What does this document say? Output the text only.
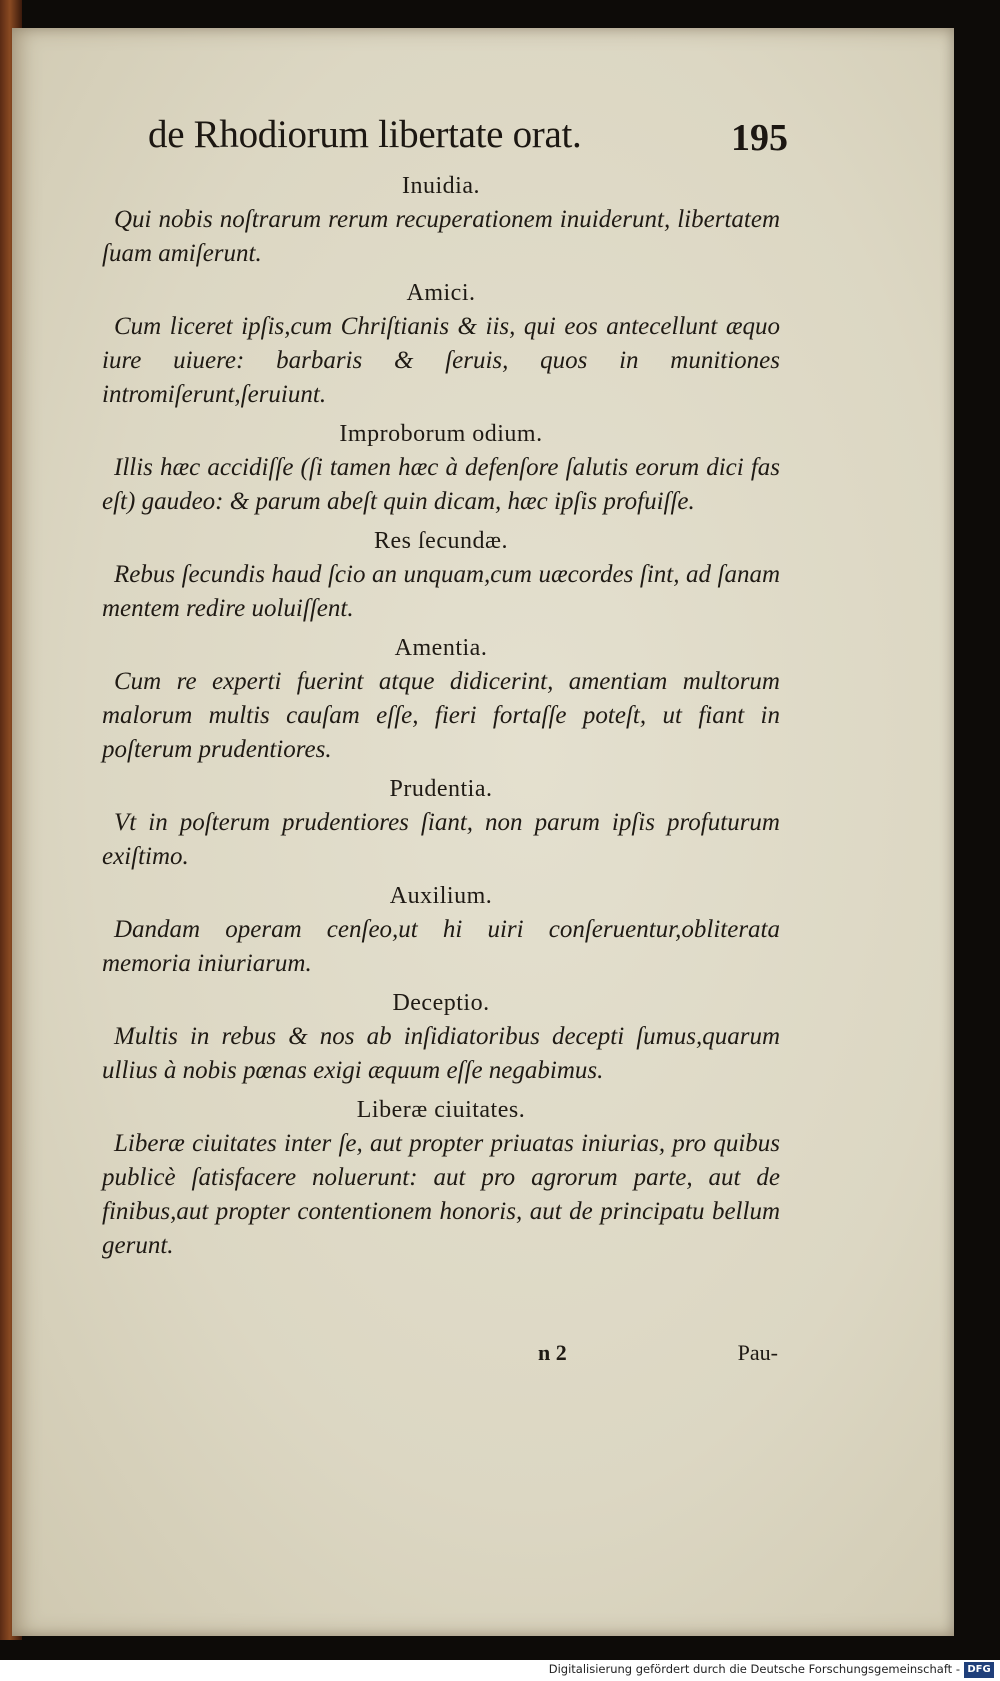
de Rhodiorum libertate orat.	195

Inuidia.

Qui nobis noſtrarum rerum recuperationem inuiderunt, libertatem ſuam amiſerunt.

Amici.

Cum liceret ipſis,cum Chriſtianis & iis, qui eos antecellunt æquo iure uiuere: barbaris & ſeruis, quos in munitiones intromiſerunt,ſeruiunt.

Improborum odium.

Illis hæc accidiſſe (ſi tamen hæc à defenſore ſalutis eorum dici fas eſt) gaudeo: & parum abeſt quin dicam, hæc ipſis profuiſſe.

Res ſecundæ.

Rebus ſecundis haud ſcio an unquam,cum uæcordes ſint, ad ſanam mentem redire uoluiſſent.

Amentia.

Cum re experti fuerint atque didicerint, amentiam multorum malorum multis cauſam eſſe, fieri fortaſſe poteſt, ut fiant in poſterum prudentiores.

Prudentia.

Vt in poſterum prudentiores ſiant, non parum ipſis profuturum exiſtimo.

Auxilium.

Dandam operam cenſeo,ut hi uiri conſeruentur,obliterata memoria iniuriarum.

Deceptio.

Multis in rebus & nos ab inſidiatoribus decepti ſumus,quarum ullius à nobis pœnas exigi æquum eſſe negabimus.

Liberæ ciuitates.

Liberæ ciuitates inter ſe, aut propter priuatas iniurias, pro quibus publicè ſatisfacere noluerunt: aut pro agrorum parte, aut de finibus,aut propter contentionem honoris, aut de principatu bellum gerunt.

n 2	Pau-
Digitalisierung gefördert durch die Deutsche Forschungsgemeinschaft - DFG
